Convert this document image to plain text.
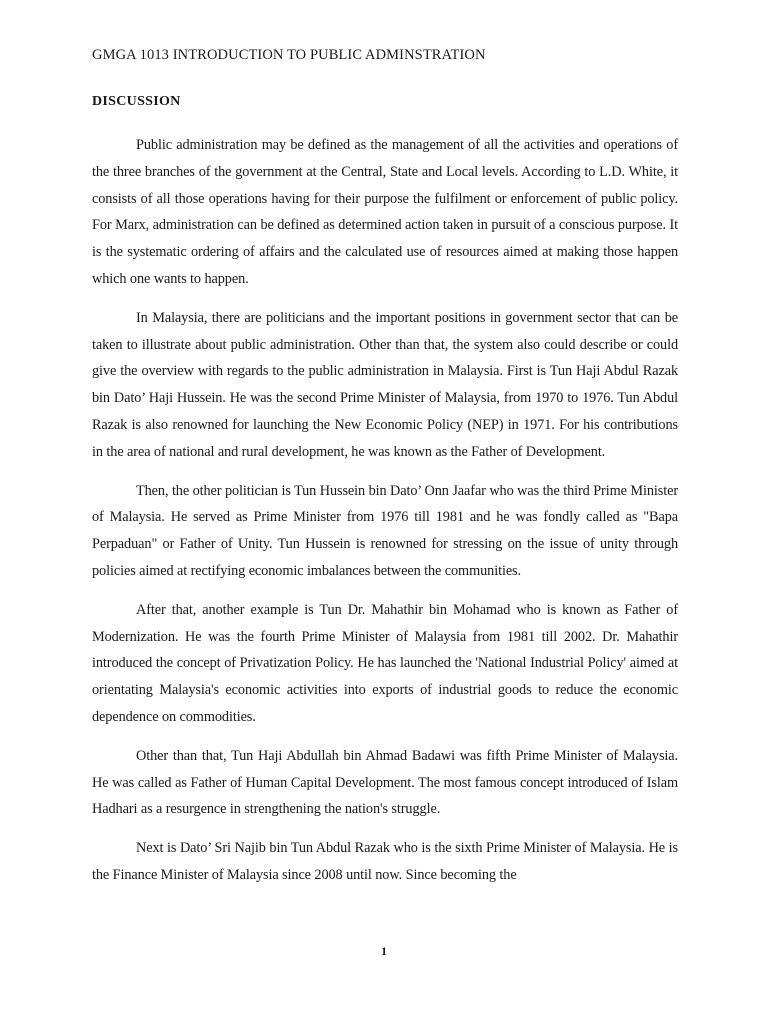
GMGA 1013 INTRODUCTION TO PUBLIC ADMINSTRATION
DISCUSSION

Public administration may be defined as the management of all the activities and operations of the three branches of the government at the Central, State and Local levels. According to L.D. White, it consists of all those operations having for their purpose the fulfilment or enforcement of public policy. For Marx, administration can be defined as determined action taken in pursuit of a conscious purpose. It is the systematic ordering of affairs and the calculated use of resources aimed at making those happen which one wants to happen.

In Malaysia, there are politicians and the important positions in government sector that can be taken to illustrate about public administration. Other than that, the system also could describe or could give the overview with regards to the public administration in Malaysia. First is Tun Haji Abdul Razak bin Dato’ Haji Hussein. He was the second Prime Minister of Malaysia, from 1970 to 1976. Tun Abdul Razak is also renowned for launching the New Economic Policy (NEP) in 1971. For his contributions in the area of national and rural development, he was known as the Father of Development.

Then, the other politician is Tun Hussein bin Dato’ Onn Jaafar who was the third Prime Minister of Malaysia. He served as Prime Minister from 1976 till 1981 and he was fondly called as "Bapa Perpaduan" or Father of Unity. Tun Hussein is renowned for stressing on the issue of unity through policies aimed at rectifying economic imbalances between the communities.

After that, another example is Tun Dr. Mahathir bin Mohamad who is known as Father of Modernization. He was the fourth Prime Minister of Malaysia from 1981 till 2002. Dr. Mahathir introduced the concept of Privatization Policy. He has launched the 'National Industrial Policy' aimed at orientating Malaysia's economic activities into exports of industrial goods to reduce the economic dependence on commodities.

Other than that, Tun Haji Abdullah bin Ahmad Badawi was fifth Prime Minister of Malaysia. He was called as Father of Human Capital Development. The most famous concept introduced of Islam Hadhari as a resurgence in strengthening the nation's struggle.

Next is Dato’ Sri Najib bin Tun Abdul Razak who is the sixth Prime Minister of Malaysia. He is the Finance Minister of Malaysia since 2008 until now. Since becoming the

1
